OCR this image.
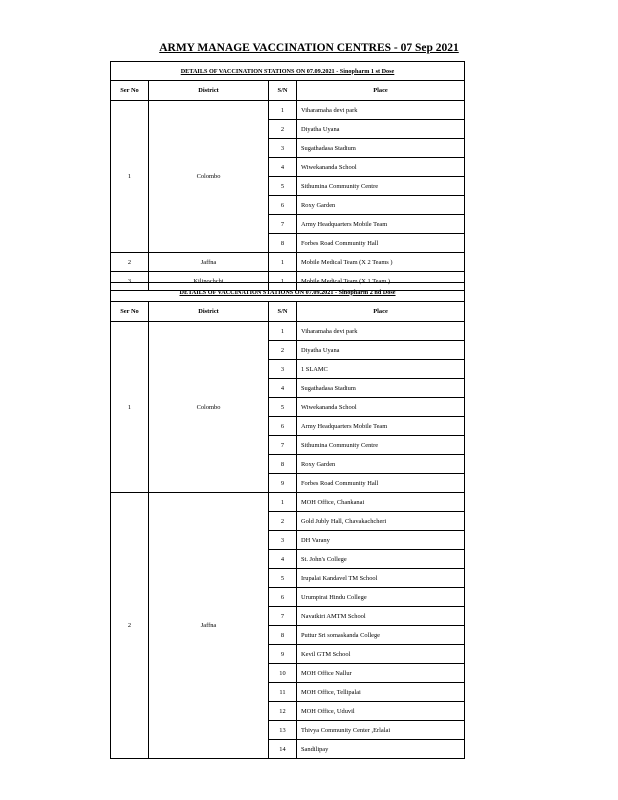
ARMY MANAGE VACCINATION CENTRES - 07 Sep 2021
DETAILS OF VACCINATION STATIONS ON 07.09.2021 - Sinopharm 1 st Dose			
Ser No	District	S/N	Place
1	Colombo	1	Viharamaha devi park
		2	Diyatha Uyana
		3	Sugathadasa Stadium
		4	Wiwekananda School
		5	Sithumina Community Centre
		6	Roxy Garden
		7	Army Headquarters Mobile Team
		8	Forbes Road Community Hall
2	Jaffna	1	Mobile Medical Team (X 2 Teams )
3	Kilinochchi	1	Mobile Medical Team (X 1 Team )
DETAILS OF VACCINATION STATIONS ON 07.09.2021 - Sinopharm 2 nd Dose			
Ser No	District	S/N	Place
1	Colombo	1	Viharamaha devi park
		2	Diyatha Uyana
		3	1 SLAMC
		4	Sugathadasa Stadium
		5	Wiwekananda School
		6	Army Headquarters Mobile Team
		7	Sithumina Community Centre
		8	Roxy Garden
		9	Forbes Road Community Hall
2	Jaffna	1	MOH Office, Chankanai
		2	Gold Jubly Hall, Chavakachcheri
		3	DH Varany
		4	St. John's College
		5	Irupalai Kandavel TM School
		6	Urumpirai Hindu College
		7	Navatkiri AMTM School
		8	Puttur Sri somaskanda College
		9	Kevil GTM School
		10	MOH Office Nallur
		11	MOH Office, Tellipalai
		12	MOH Office, Uduvil
		13	Thivya Community Center ,Erlalai
		14	Sandilipay
